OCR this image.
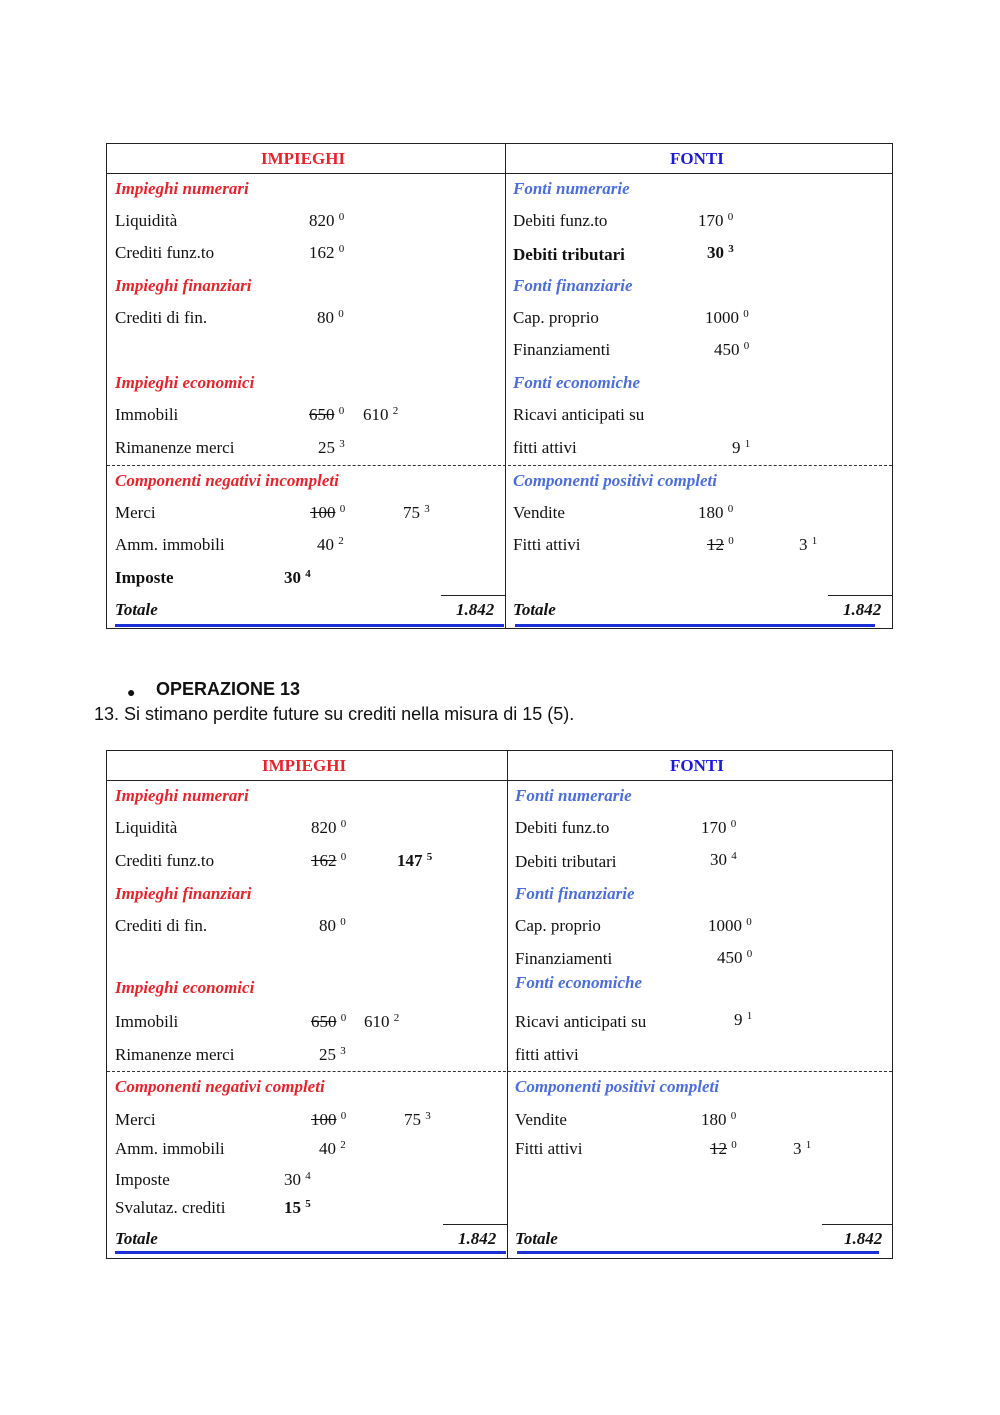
IMPIEGHI	FONTI
Impieghi numerari
Liquidità	820 $^0$
Crediti funz.to	162 $^0$
Impieghi finanziari
Crediti di fin.	80 $^0$
Impieghi economici
Immobili	650 $^0$ 610 $^2$
Rimanenze merci	25 $^3$
Componenti negativi incompleti
Merci	100 $^0$	75 $^3$
Amm. immobili	40 $^2$
Imposte	30 $^4$
Totale	1.842
Fonti numerarie
Debiti funz.to	170 $^0$
Debiti tributari	30 $^3$
Fonti finanziarie
Cap. proprio	1000 $^0$
Finanziamenti	450 $^0$
Fonti economiche
Ricavi anticipati su
fitti attivi	9 $^1$
Componenti positivi completi
Vendite	180 $^0$
Fitti attivi	12 $^0$	3 $^1$
Totale	1.842
● OPERAZIONE 13
13. Si stimano perdite future su crediti nella misura di 15 (5).
IMPIEGHI	FONTI
Impieghi numerari
Liquidità	820 $^0$
Crediti funz.to	162 $^0$	147 $^5$
Impieghi finanziari
Crediti di fin.	80 $^0$
Impieghi economici
Immobili	650 $^0$ 610 $^2$
Rimanenze merci	25 $^3$
Componenti negativi completi
Merci	100 $^0$	75 $^3$
Amm. immobili	40 $^2$
Imposte	30 $^4$
Svalutaz. crediti	15 $^5$
Totale	1.842
Fonti numerarie
Debiti funz.to	170 $^0$
Debiti tributari	30 $^4$
Fonti finanziarie
Cap. proprio	1000 $^0$
Finanziamenti	450 $^0$
Fonti economiche
Ricavi anticipati su	9 $^1$
fitti attivi
Componenti positivi completi
Vendite	180 $^0$
Fitti attivi	12 $^0$	3 $^1$
Totale	1.842
